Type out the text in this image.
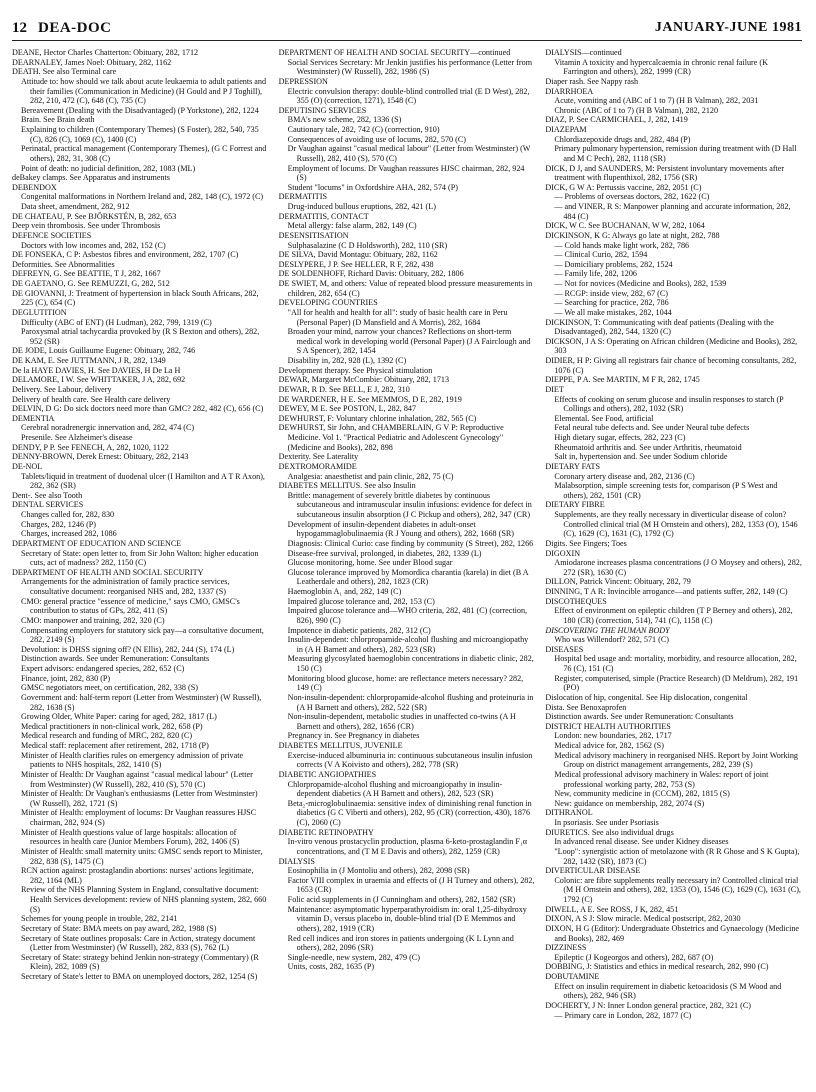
12 DEA-DOC	JANUARY-JUNE 1981
DEANE, Hector Charles Chatterton: Obituary, 282, 1712
DEARNALEY, James Noel: Obituary, 282, 1162
DEATH. See also Terminal care
Attitude to: how should we talk about acute leukaemia to adult patients and their families (Communication in Medicine) (H Gould and P J Toghill), 282, 210, 472 (C), 648 (C), 735 (C)
Bereavement (Dealing with the Disadvantaged) (P Yorkstone), 282, 1224
Brain. See Brain death
Explaining to children (Contemporary Themes) (S Foster), 282, 540, 735 (C), 826 (C), 1069 (C), 1400 (C)
Perinatal, practical management (Contemporary Themes), (G C Forrest and others), 282, 31, 308 (C)
Point of death: no judicial definition, 282, 1083 (ML)
deBakey clamps. See Apparatus and instruments
DEBENDOX
Congenital malformations in Northern Ireland and, 282, 148 (C), 1972 (C)
Data sheet, amendment, 282, 912
DE CHATEAU, P. See BJÖRKSTÉN, B, 282, 653
Deep vein thrombosis. See under Thrombosis
DEFENCE SOCIETIES
Doctors with low incomes and, 282, 152 (C)
DE FONSEKA, C P: Asbestos fibres and environment, 282, 1707 (C)
Deformities. See Abnormalities
DEFREYN, G. See BEATTIE, T J, 282, 1667
DE GAETANO, G. See REMUZZI, G, 282, 512
DE GIOVANNI, J: Treatment of hypertension in black South Africans, 282, 225 (C), 654 (C)
DEGLUTITION
Difficulty (ABC of ENT) (H Ludman), 282, 799, 1319 (C)
Paroxysmal atrial tachycardia provoked by (R S Bexton and others), 282, 952 (SR)
DE JODE, Louis Guillaume Eugene: Obituary, 282, 746
DE KAM, E. See JUTTMANN, J R, 282, 1349
De la HAYE DAVIES, H. See DAVIES, H De La H
DELAMORE, I W. See WHITTAKER, J A, 282, 692
Delivery. See Labour, delivery
Delivery of health care. See Health care delivery
DELVIN, D G: Do sick doctors need more than GMC? 282, 482 (C), 656 (C)
DEMENTIA
Cerebral noradrenergic innervation and, 282, 474 (C)
Presenile. See Alzheimer's disease
DENDY, P P. See FENECH, A, 282, 1020, 1122
DENNY-BROWN, Derek Ernest: Obituary, 282, 2143
DE-NOL
Tablets/liquid in treatment of duodenal ulcer (I Hamilton and A T R Axon), 282, 362 (SR)
Dent-. See also Tooth
DENTAL SERVICES
Changes called for, 282, 830
Charges, 282, 1246 (P)
Charges, increased 282, 1086
DEPARTMENT OF EDUCATION AND SCIENCE
Secretary of State: open letter to, from Sir John Walton: higher education cuts, act of madness? 282, 1150 (C)
DEPARTMENT OF HEALTH AND SOCIAL SECURITY
Arrangements for the administration of family practice services, consultative document: reorganised NHS and, 282, 1337 (S)
CMO: general practice "essence of medicine," says CMO, GMSC's contribution to status of GPs, 282, 411 (S)
CMO: manpower and training, 282, 320 (C)
Compensating employers for statutory sick pay—a consultative document, 282, 2149 (S)
Devolution: is DHSS signing off? (N Ellis), 282, 244 (S), 174 (L)
Distinction awards. See under Remuneration: Consultants
Expert advisors: endangered species, 282, 652 (C)
Finance, joint, 282, 830 (P)
GMSC negotiators meet, on certification, 282, 338 (S)
Government and: half-term report (Letter from Westminster) (W Russell), 282, 1638 (S)
Growing Older, White Paper: caring for aged, 282, 1817 (L)
Medical practitioners in non-clinical work, 282, 658 (P)
Medical research and funding of MRC, 282, 820 (C)
Medical staff: replacement after retirement, 282, 1718 (P)
Minister of Health clarifies rules on emergency admission of private patients to NHS hospitals, 282, 1410 (S)
Minister of Health: Dr Vaughan against "casual medical labour" (Letter from Westminster) (W Russell), 282, 410 (S), 570 (C)
Minister of Health: Dr Vaughan's enthusiasms (Letter from Westminster) (W Russell), 282, 1721 (S)
Minister of Health: employment of locums: Dr Vaughan reassures HJSC chairman, 282, 924 (S)
Minister of Health questions value of large hospitals: allocation of resources in health care (Junior Members Forum), 282, 1406 (S)
Minister of Health: small maternity units: GMSC sends report to Minister, 282, 838 (S), 1475 (C)
RCN action against: prostaglandin abortions: nurses' actions legitimate, 282, 1164 (ML)
Review of the NHS Planning System in England, consultative document: Health Services development: review of NHS planning system, 282, 660 (S)
Schemes for young people in trouble, 282, 2141
Secretary of State: BMA meets on pay award, 282, 1988 (S)
Secretary of State outlines proposals: Care in Action, strategy document (Letter from Westminster) (W Russell), 282, 833 (S), 762 (L)
Secretary of State: strategy behind Jenkin non-strategy (Commentary) (R Klein), 282, 1089 (S)
Secretary of State's letter to BMA on unemployed doctors, 282, 1254 (S)
DEPARTMENT OF HEALTH AND SOCIAL SECURITY—continued
Social Services Secretary: Mr Jenkin justifies his performance (Letter from Westminster) (W Russell), 282, 1986 (S)
DEPRESSION
Electric convulsion therapy: double-blind controlled trial (E D West), 282, 355 (O) (correction, 1271), 1548 (C)
DEPUTISING SERVICES
BMA's new scheme, 282, 1336 (S)
Cautionary tale, 282, 742 (C) (correction, 910)
Consequences of avoiding use of locums, 282, 570 (C)
Dr Vaughan against "casual medical labour" (Letter from Westminster) (W Russell), 282, 410 (S), 570 (C)
Employment of locums. Dr Vaughan reassures HJSC chairman, 282, 924 (S)
Student "locums" in Oxfordshire AHA, 282, 574 (P)
DERMATITIS
Drug-induced bullous eruptions, 282, 421 (L)
DERMATITIS, CONTACT
Metal allergy: false alarm, 282, 149 (C)
DESENSITISATION
Sulphasalazine (C D Holdsworth), 282, 110 (SR)
DE SILVA, David Montagu: Obituary, 282, 1162
DESLYPERE, J P. See HELLER, R F, 282, 438
DE SOLDENHOFF, Richard Davis: Obituary, 282, 1806
DE SWIET, M, and others: Value of repeated blood pressure measurements in children, 282, 654 (C)
DEVELOPING COUNTRIES
"All for health and health for all": study of basic health care in Peru (Personal Paper) (D Mansfield and A Morris), 282, 1684
Broaden your mind, narrow your chances? Reflections on short-term medical work in developing world (Personal Paper) (J A Fairclough and S A Spencer), 282, 1454
Disability in, 282, 928 (L), 1392 (C)
Development therapy. See Physical stimulation
DEWAR, Margaret McCombie: Obituary, 282, 1713
DEWAR, R D. See BELL, E J, 282, 310
DE WARDENER, H E. See MEMMOS, D E, 282, 1919
DEWEY, M E. See POSTON, L, 282, 847
DEWHURST, F: Voluntary chlorine inhalation, 282, 565 (C)
DEWHURST, Sir John, and CHAMBERLAIN, G V P: Reproductive Medicine. Vol 1. "Practical Pediatric and Adolescent Gynecology" (Medicine and Books), 282, 898
Dexterity. See Laterality
DEXTROMORAMIDE
Analgesia: anaesthetist and pain clinic, 282, 75 (C)
DIABETES MELLITUS. See also Insulin
Brittle: management of severely brittle diabetes by continuous subcutaneous and intramuscular insulin infusions: evidence for defect in subcutaneous insulin absorption (J C Pickup and others), 282, 347 (CR)
Development of insulin-dependent diabetes in adult-onset hypogammaglobulinaemia (R J Young and others), 282, 1668 (SR)
Diagnosis: Clinical Curio: case finding by community (S Street), 282, 1266
Disease-free survival, prolonged, in diabetes, 282, 1339 (L)
Glucose monitoring, home. See under Blood sugar
Glucose tolerance improved by Momordica charantia (karela) in diet (B A Leatherdale and others), 282, 1823 (CR)
Haemoglobin A₁ and, 282, 149 (C)
Impaired glucose tolerance and, 282, 153 (C)
Impaired glucose tolerance and—WHO criteria, 282, 481 (C) (correction, 826), 990 (C)
Impotence in diabetic patients, 282, 312 (C)
Insulin-dependent: chlorpropamide-alcohol flushing and microangiopathy in (A H Barnett and others), 282, 523 (SR)
Measuring glycosylated haemoglobin concentrations in diabetic clinic, 282, 150 (C)
Monitoring blood glucose, home: are reflectance meters necessary? 282, 149 (C)
Non-insulin-dependent: chlorpropamide-alcohol flushing and proteinuria in (A H Barnett and others), 282, 522 (SR)
Non-insulin-dependent, metabolic studies in unaffected co-twins (A H Barnett and others), 282, 1656 (CR)
Pregnancy in. See Pregnancy in diabetes
DIABETES MELLITUS, JUVENILE
Exercise-induced albuminuria in: continuous subcutaneous insulin infusion corrects (V A Koivisto and others), 282, 778 (SR)
DIABETIC ANGIOPATHIES
Chlorpropamide-alcohol flushing and microangiopathy in insulin-dependent diabetics (A H Barnett and others), 282, 523 (SR)
Beta₂-microglobulinaemia: sensitive index of diminishing renal function in diabetics (G C Viberti and others), 282, 95 (CR) (correction, 430), 1876 (C), 2060 (C)
DIABETIC RETINOPATHY
In-vitro venous prostacyclin production, plasma 6-keto-prostaglandin F₁α concentrations, and (T M E Davis and others), 282, 1259 (CR)
DIALYSIS
Eosinophilia in (J Montoliu and others), 282, 2098 (SR)
Factor VIII complex in uraemia and effects of (J H Turney and others), 282, 1653 (CR)
Folic acid supplements in (J Cunningham and others), 282, 1582 (SR)
Maintenance: asymptomatic hyperparathyroidism in: oral 1,25-dihydroxy vitamin D₃ versus placebo in, double-blind trial (D E Memmos and others), 282, 1919 (CR)
Red cell indices and iron stores in patients undergoing (K L Lynn and others), 282, 2096 (SR)
Single-needle, new system, 282, 479 (C)
Units, costs, 282, 1635 (P)
DIALYSIS—continued
Vitamin A toxicity and hypercalcaemia in chronic renal failure (K Farrington and others), 282, 1999 (CR)
Diaper rash. See Nappy rash
DIARRHOEA
Acute, vomiting and (ABC of 1 to 7) (H B Valman), 282, 2031
Chronic (ABC of 1 to 7) (H B Valman), 282, 2120
DIAZ, P. See CARMICHAEL, J, 282, 1419
DIAZEPAM
Chlordiazepoxide drugs and, 282, 484 (P)
Primary pulmonary hypertension, remission during treatment with (D Hall and M C Pech), 282, 1118 (SR)
DICK, D J, and SAUNDERS, M: Persistent involuntary movements after treatment with flupenthixol, 282, 1756 (SR)
DICK, G W A: Pertussis vaccine, 282, 2051 (C)
— Problems of overseas doctors, 282, 1622 (C)
— and VINER, R S: Manpower planning and accurate information, 282, 484 (C)
DICK, W C. See BUCHANAN, W W, 282, 1064
DICKINSON, K G: Always go late at night, 282, 788
— Cold hands make light work, 282, 786
— Clinical Curio, 282, 1594
— Domiciliary problems, 282, 1524
— Family life, 282, 1206
— Not for novices (Medicine and Books), 282, 1539
— RCGP: inside view, 282, 67 (C)
— Searching for practice, 282, 786
— We all make mistakes, 282, 1044
DICKINSON, T: Communicating with deaf patients (Dealing with the Disadvantaged), 282, 544, 1320 (C)
DICKSON, J A S: Operating on African children (Medicine and Books), 282, 303
DIDIER, H P: Giving all registrars fair chance of becoming consultants, 282, 1076 (C)
DIEPPE, P A. See MARTIN, M F R, 282, 1745
DIET
Effects of cooking on serum glucose and insulin responses to starch (P Collings and others), 282, 1032 (SR)
Elemental. See Food, artificial
Fetal neural tube defects and. See under Neural tube defects
High dietary sugar, effects, 282, 223 (C)
Rheumatoid arthritis and. See under Arthritis, rheumatoid
Salt in, hypertension and. See under Sodium chloride
DIETARY FATS
Coronary artery disease and, 282, 2136 (C)
Malabsorption, simple screening tests for, comparison (P S West and others), 282, 1501 (CR)
DIETARY FIBRE
Supplements, are they really necessary in diverticular disease of colon? Controlled clinical trial (M H Ornstein and others), 282, 1353 (O), 1546 (C), 1629 (C), 1631 (C), 1792 (C)
Digits. See Fingers; Toes
DIGOXIN
Amiodarone increases plasma concentrations (J O Moysey and others), 282, 272 (SR), 1630 (C)
DILLON, Patrick Vincent: Obituary, 282, 79
DINNING, T A R: Invincible arrogance—and patients suffer, 282, 149 (C)
DISCOTHEQUES
Effect of environment on epileptic children (T P Berney and others), 282, 180 (CR) (correction, 514), 741 (C), 1158 (C)
DISCOVERING THE HUMAN BODY
Who was Willendorf? 282, 571 (C)
DISEASES
Hospital bed usage and: mortality, morbidity, and resource allocation, 282, 76 (C), 151 (C)
Register, computerised, simple (Practice Research) (D Meldrum), 282, 191 (PO)
Dislocation of hip, congenital. See Hip dislocation, congenital
Dista. See Benoxaprofen
Distinction awards. See under Remuneration: Consultants
DISTRICT HEALTH AUTHORITIES
London: new boundaries, 282, 1717
Medical advice for, 282, 1562 (S)
Medical advisory machinery in reorganised NHS. Report by Joint Working Group on district management arrangements, 282, 239 (S)
Medical professional advisory machinery in Wales: report of joint professional working party, 282, 753 (S)
New, community medicine in (CCCM), 282, 1815 (S)
New: guidance on membership, 282, 2074 (S)
DITHRANOL
In psoriasis. See under Psoriasis
DIURETICS. See also individual drugs
In advanced renal disease. See under Kidney diseases
"Loop": synergistic action of metolazone with (R R Ghose and S K Gupta), 282, 1432 (SR), 1873 (C)
DIVERTICULAR DISEASE
Colonic: are fibre supplements really necessary in? Controlled clinical trial (M H Ornstein and others), 282, 1353 (O), 1546 (C), 1629 (C), 1631 (C), 1792 (C)
DIWELL, A E. See ROSS, J K, 282, 451
DIXON, A S J: Slow miracle. Medical postscript, 282, 2030
DIXON, H G (Editor): Undergraduate Obstetrics and Gynaecology (Medicine and Books), 282, 469
DIZZINESS
Epileptic (J Kogeorgos and others), 282, 687 (O)
DOBBING, J: Statistics and ethics in medical research, 282, 990 (C)
DOBUTAMINE
Effect on insulin requirement in diabetic ketoacidosis (S M Wood and others), 282, 946 (SR)
DOCHERTY, J N: Inner London general practice, 282, 321 (C)
— Primary care in London, 282, 1877 (C)
